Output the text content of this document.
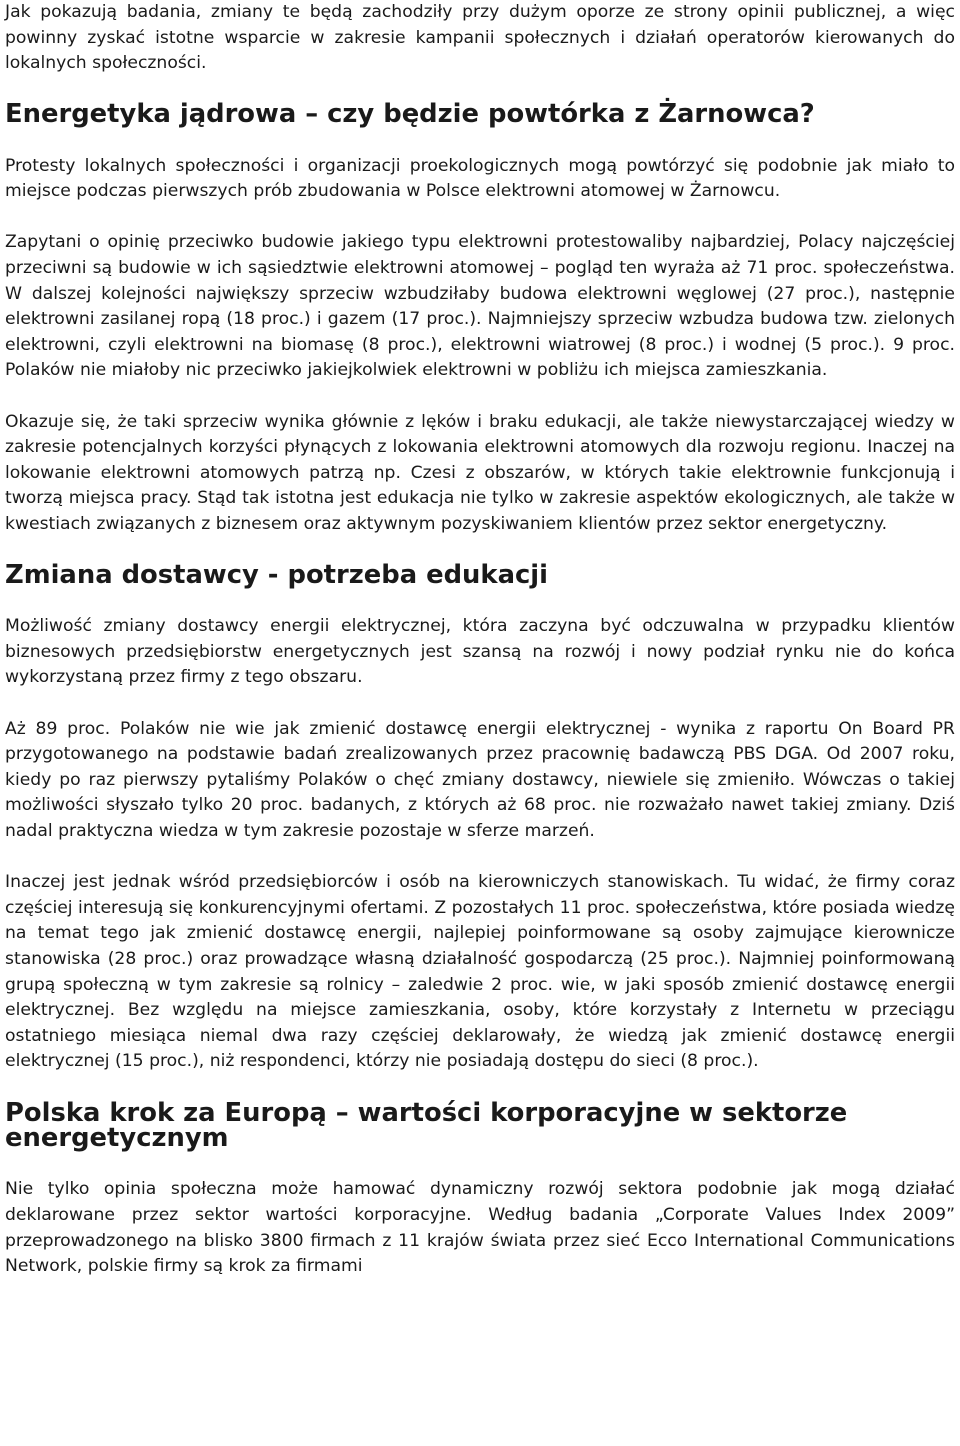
Jak pokazują badania, zmiany te będą zachodziły przy dużym oporze ze strony opinii publicznej, a więc powinny zyskać istotne wsparcie w zakresie kampanii społecznych i działań operatorów kierowanych do lokalnych społeczności.

Energetyka jądrowa – czy będzie powtórka z Żarnowca?

Protesty lokalnych społeczności i organizacji proekologicznych mogą powtórzyć się podobnie jak miało to miejsce podczas pierwszych prób zbudowania w Polsce elektrowni atomowej w Żarnowcu.

Zapytani o opinię przeciwko budowie jakiego typu elektrowni protestowaliby najbardziej, Polacy najczęściej przeciwni są budowie w ich sąsiedztwie elektrowni atomowej – pogląd ten wyraża aż 71 proc. społeczeństwa. W dalszej kolejności największy sprzeciw wzbudziłaby budowa elektrowni węglowej (27 proc.), następnie elektrowni zasilanej ropą (18 proc.) i gazem (17 proc.). Najmniejszy sprzeciw wzbudza budowa tzw. zielonych elektrowni, czyli elektrowni na biomasę (8 proc.), elektrowni wiatrowej (8 proc.) i wodnej (5 proc.). 9 proc. Polaków nie miałoby nic przeciwko jakiejkolwiek elektrowni w pobliżu ich miejsca zamieszkania.

Okazuje się, że taki sprzeciw wynika głównie z lęków i braku edukacji, ale także niewystarczającej wiedzy w zakresie potencjalnych korzyści płynących z lokowania elektrowni atomowych dla rozwoju regionu. Inaczej na lokowanie elektrowni atomowych patrzą np. Czesi z obszarów, w których takie elektrownie funkcjonują i tworzą miejsca pracy. Stąd tak istotna jest edukacja nie tylko w zakresie aspektów ekologicznych, ale także w kwestiach związanych z biznesem oraz aktywnym pozyskiwaniem klientów przez sektor energetyczny.

Zmiana dostawcy - potrzeba edukacji

Możliwość zmiany dostawcy energii elektrycznej, która zaczyna być odczuwalna w przypadku klientów biznesowych przedsiębiorstw energetycznych jest szansą na rozwój i nowy podział rynku nie do końca wykorzystaną przez firmy z tego obszaru.

Aż 89 proc. Polaków nie wie jak zmienić dostawcę energii elektrycznej - wynika z raportu On Board PR przygotowanego na podstawie badań zrealizowanych przez pracownię badawczą PBS DGA. Od 2007 roku, kiedy po raz pierwszy pytaliśmy Polaków o chęć zmiany dostawcy, niewiele się zmieniło. Wówczas o takiej możliwości słyszało tylko 20 proc. badanych, z których aż 68 proc. nie rozważało nawet takiej zmiany. Dziś nadal praktyczna wiedza w tym zakresie pozostaje w sferze marzeń.

Inaczej jest jednak wśród przedsiębiorców i osób na kierowniczych stanowiskach. Tu widać, że firmy coraz częściej interesują się konkurencyjnymi ofertami. Z pozostałych 11 proc. społeczeństwa, które posiada wiedzę na temat tego jak zmienić dostawcę energii, najlepiej poinformowane są osoby zajmujące kierownicze stanowiska (28 proc.) oraz prowadzące własną działalność gospodarczą (25 proc.). Najmniej poinformowaną grupą społeczną w tym zakresie są rolnicy – zaledwie 2 proc. wie, w jaki sposób zmienić dostawcę energii elektrycznej. Bez względu na miejsce zamieszkania, osoby, które korzystały z Internetu w przeciągu ostatniego miesiąca niemal dwa razy częściej deklarowały, że wiedzą jak zmienić dostawcę energii elektrycznej (15 proc.), niż respondenci, którzy nie posiadają dostępu do sieci (8 proc.).

Polska krok za Europą – wartości korporacyjne w sektorze energetycznym

Nie tylko opinia społeczna może hamować dynamiczny rozwój sektora podobnie jak mogą działać deklarowane przez sektor wartości korporacyjne. Według badania „Corporate Values Index 2009” przeprowadzonego na blisko 3800 firmach z 11 krajów świata przez sieć Ecco International Communications Network, polskie firmy są krok za firmami
